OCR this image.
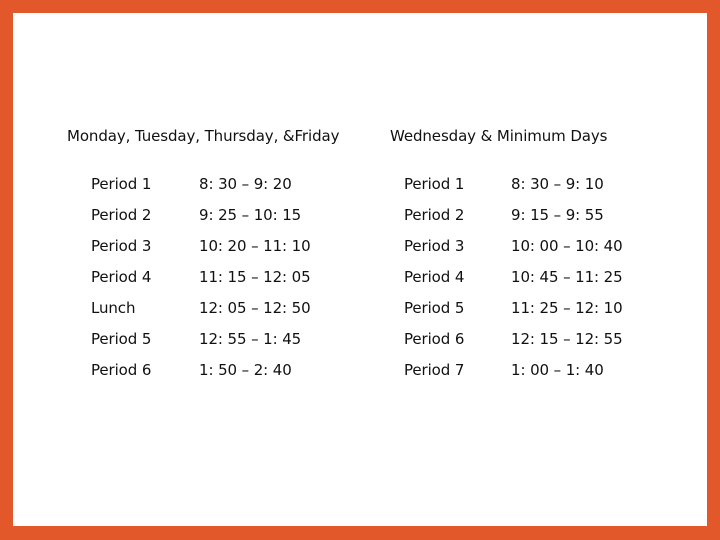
Monday, Tuesday, Thursday, &Friday
Period 1	8: 30 – 9: 20
Period 2	9: 25 – 10: 15
Period 3	10: 20 – 11: 10
Period 4	11: 15 – 12: 05
Lunch	12: 05 – 12: 50
Period 5	12: 55 – 1: 45
Period 6	1: 50 – 2: 40
Wednesday & Minimum Days
Period 1	8: 30 – 9: 10
Period 2	9: 15 – 9: 55
Period 3	10: 00 – 10: 40
Period 4	10: 45 – 11: 25
Period 5	11: 25 – 12: 10
Period 6	12: 15 – 12: 55
Period 7	1: 00 – 1: 40
